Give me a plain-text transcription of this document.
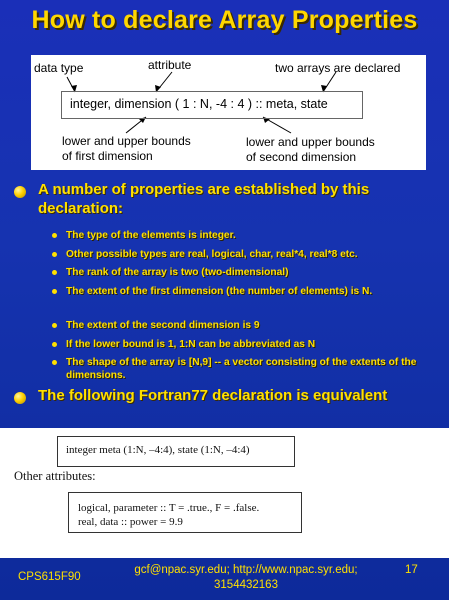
How to declare Array Properties
data type	attribute	two arrays are declared
integer, dimension ( 1 : N, -4 : 4 ) :: meta, state
lower and upper bounds
of first dimension
lower and upper bounds
of second dimension
A number of properties are established by this declaration:
The type of the elements is integer.
Other possible types are real, logical, char, real*4, real*8 etc.
The rank of the array is two (two-dimensional)
The extent of the first dimension (the number of elements) is N.
The extent of the second dimension is 9
If the lower bound is 1, 1:N can be abbreviated as N
The shape of the array is [N,9] -- a vector consisting of the extents of the dimensions.
The following Fortran77 declaration is equivalent
integer meta (1:N, –4:4), state (1:N, –4:4)
Other attributes:
logical, parameter :: T = .true., F = .false.
real, data :: power = 9.9
CPS615F90
gcf@npac.syr.edu; http://www.npac.syr.edu;
3154432163
17
